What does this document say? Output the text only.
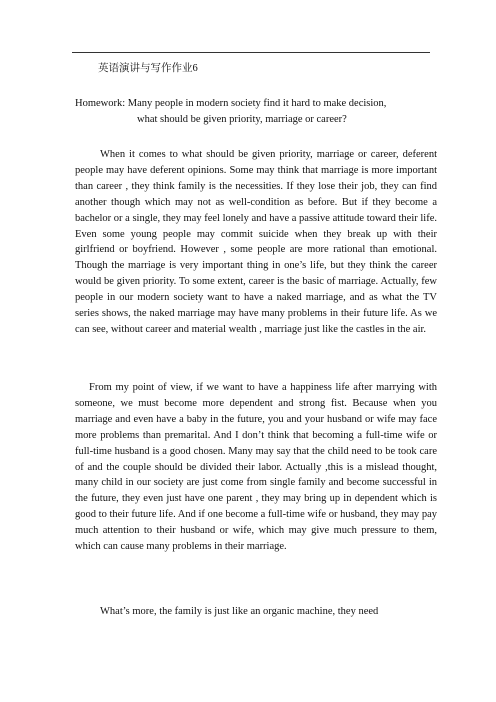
英语演讲与写作作业6
Homework: Many people in modern society find it hard to make decision,
what should be given priority, marriage or career?

When it comes to what should be given priority, marriage or career, deferent people may have deferent opinions. Some may think that marriage is more important than career , they think family is the necessities. If they lose their job, they can find another though which may not as well-condition as before. But if they become a bachelor or a single, they may feel lonely and have a passive attitude toward their life. Even some young people may commit suicide when they break up with their girlfriend or boyfriend. However , some people are more rational than emotional. Though the marriage is very important thing in one’s life, but they think the career would be given priority. To some extent, career is the basic of marriage. Actually, few people in our modern society want to have a naked marriage, and as what the TV series shows, the naked marriage may have many problems in their future life. As we can see, without career and material wealth , marriage just like the castles in the air.

From my point of view, if we want to have a happiness life after marrying with someone, we must become more dependent and strong fist. Because when you marriage and even have a baby in the future, you and your husband or wife may face more problems than premarital. And I don’t think that becoming a full-time wife or full-time husband is a good chosen. Many may say that the child need to be took care of and the couple should be divided their labor. Actually ,this is a mislead thought, many child in our society are just come from single family and become successful in the future, they even just have one parent , they may bring up in dependent which is good to their future life. And if one become a full-time wife or husband, they may pay much attention to their husband or wife, which may give much pressure to them, which can cause many problems in their marriage.

What’s more, the family is just like an organic machine, they need
